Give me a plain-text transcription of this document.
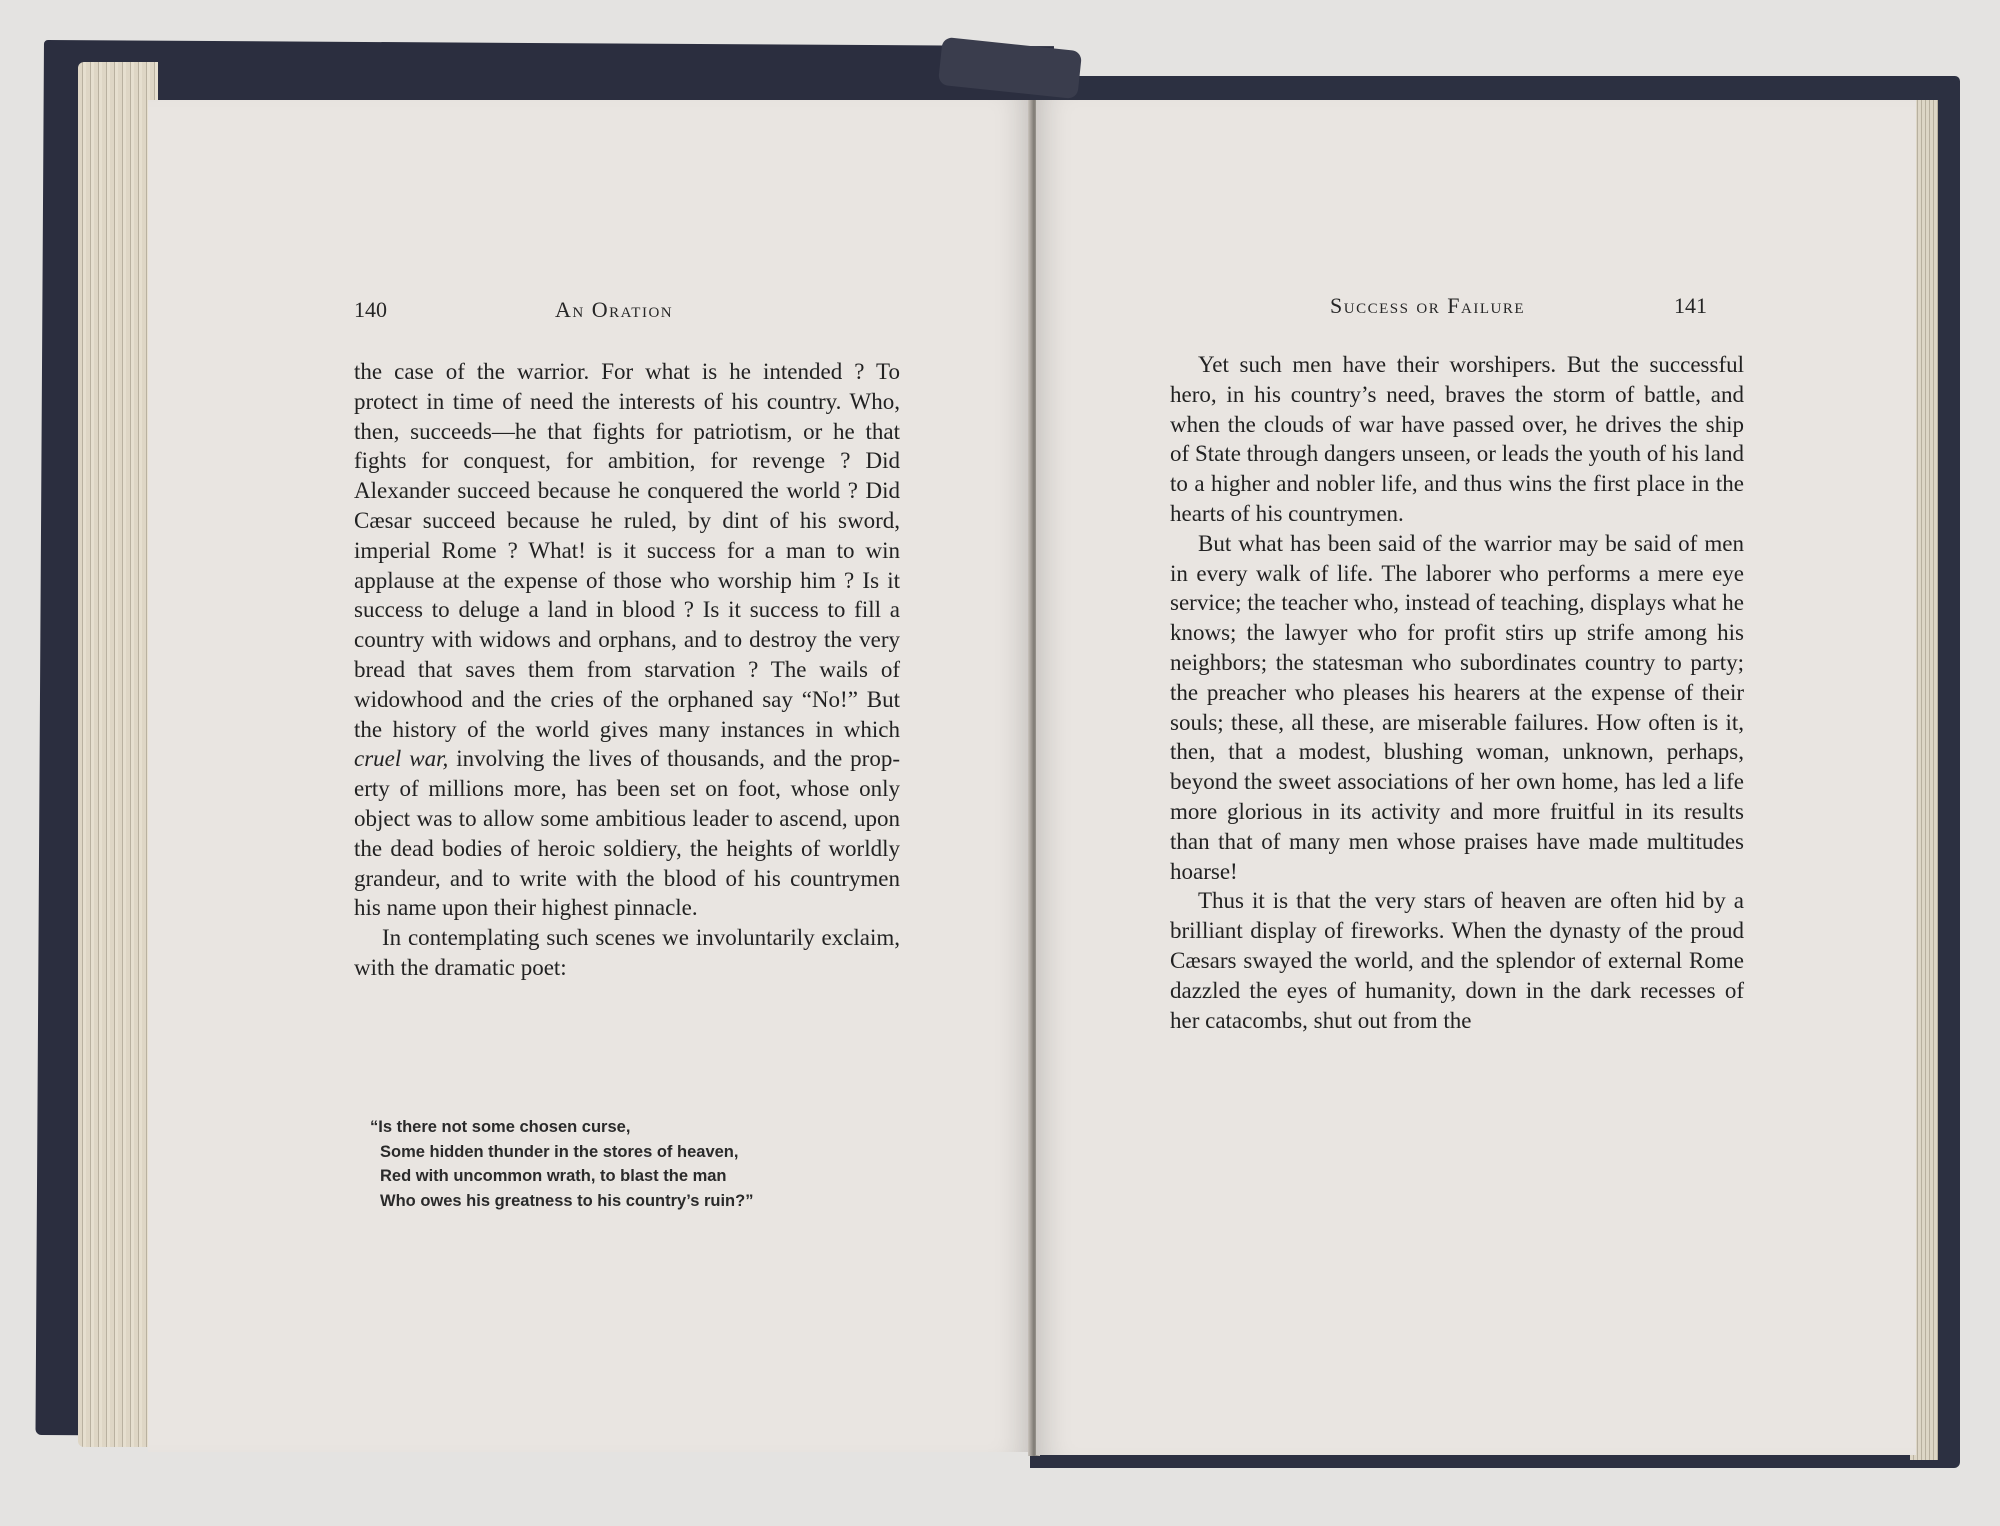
140	An Oration

the case of the warrior. For what is he intended ? To protect in time of need the interests of his country. Who, then, succeeds—he that fights for patriotism, or he that fights for conquest, for ambition, for revenge ? Did Alexander succeed because he conquered the world ? Did Cæsar succeed because he ruled, by dint of his sword, imperial Rome ? What! is it success for a man to win applause at the expense of those who worship him ? Is it success to deluge a land in blood ? Is it success to fill a country with widows and orphans, and to destroy the very bread that saves them from starvation ? The wails of widowhood and the cries of the orphaned say “No!” But the history of the world gives many instances in which cruel war, involving the lives of thousands, and the property of millions more, has been set on foot, whose only object was to allow some ambitious leader to ascend, upon the dead bodies of heroic soldiery, the heights of worldly grandeur, and to write with the blood of his countrymen his name upon their highest pinnacle.

In contemplating such scenes we involuntarily exclaim, with the dramatic poet:

“Is there not some chosen curse,
Some hidden thunder in the stores of heaven,
Red with uncommon wrath, to blast the man
Who owes his greatness to his country’s ruin?”
Success or Failure	141

Yet such men have their worshipers. But the successful hero, in his country’s need, braves the storm of battle, and when the clouds of war have passed over, he drives the ship of State through dangers unseen, or leads the youth of his land to a higher and nobler life, and thus wins the first place in the hearts of his countrymen.

But what has been said of the warrior may be said of men in every walk of life. The laborer who performs a mere eye service; the teacher who, instead of teaching, displays what he knows; the lawyer who for profit stirs up strife among his neighbors; the statesman who subordinates country to party; the preacher who pleases his hearers at the expense of their souls; these, all these, are miserable failures. How often is it, then, that a modest, blushing woman, unknown, perhaps, beyond the sweet associations of her own home, has led a life more glorious in its activity and more fruitful in its results than that of many men whose praises have made multitudes hoarse!

Thus it is that the very stars of heaven are often hid by a brilliant display of fireworks. When the dynasty of the proud Cæsars swayed the world, and the splendor of external Rome dazzled the eyes of humanity, down in the dark recesses of her catacombs, shut out from the
